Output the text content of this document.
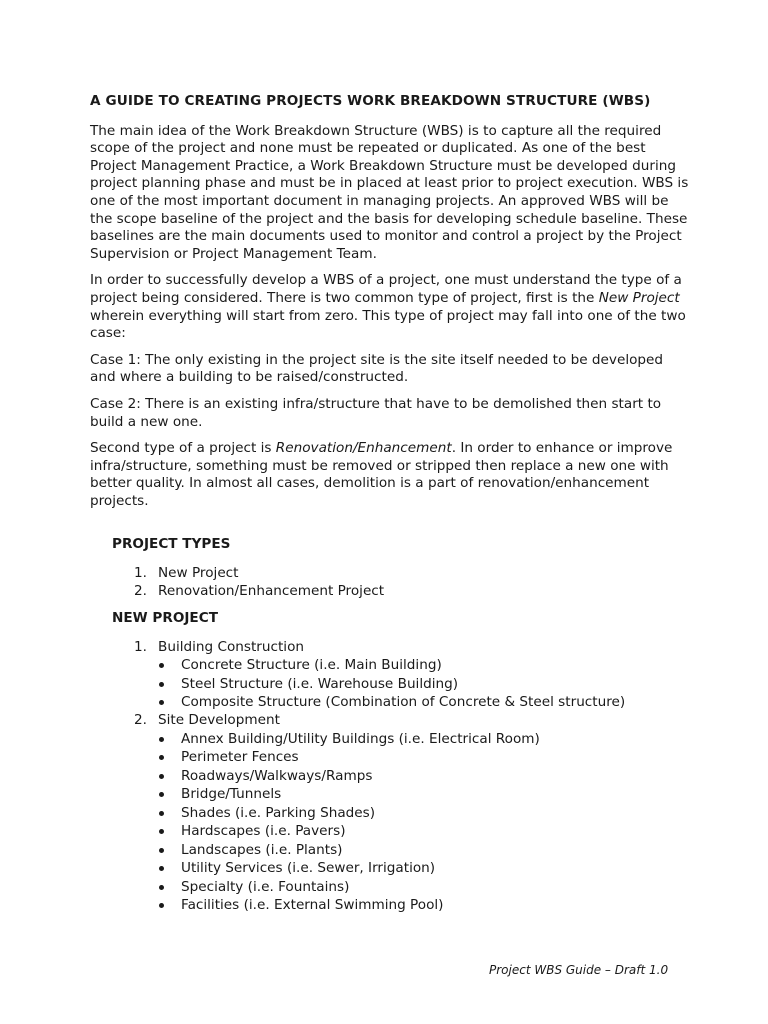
A GUIDE TO CREATING PROJECTS WORK BREAKDOWN STRUCTURE (WBS)

The main idea of the Work Breakdown Structure (WBS) is to capture all the required scope of the project and none must be repeated or duplicated. As one of the best Project Management Practice, a Work Breakdown Structure must be developed during project planning phase and must be in placed at least prior to project execution. WBS is one of the most important document in managing projects. An approved WBS will be the scope baseline of the project and the basis for developing schedule baseline. These baselines are the main documents used to monitor and control a project by the Project Supervision or Project Management Team.

In order to successfully develop a WBS of a project, one must understand the type of a project being considered. There is two common type of project, first is the New Project wherein everything will start from zero. This type of project may fall into one of the two case:

Case 1: The only existing in the project site is the site itself needed to be developed and where a building to be raised/constructed.

Case 2: There is an existing infra/structure that have to be demolished then start to build a new one.

Second type of a project is Renovation/Enhancement. In order to enhance or improve infra/structure, something must be removed or stripped then replace a new one with better quality. In almost all cases, demolition is a part of renovation/enhancement projects.

PROJECT TYPES
1. New Project
2. Renovation/Enhancement Project
NEW PROJECT
1. Building Construction
Concrete Structure (i.e. Main Building)
Steel Structure (i.e. Warehouse Building)
Composite Structure (Combination of Concrete & Steel structure)
2. Site Development
Annex Building/Utility Buildings (i.e. Electrical Room)
Perimeter Fences
Roadways/Walkways/Ramps
Bridge/Tunnels
Shades (i.e. Parking Shades)
Hardscapes (i.e. Pavers)
Landscapes (i.e. Plants)
Utility Services (i.e. Sewer, Irrigation)
Specialty (i.e. Fountains)
Facilities (i.e. External Swimming Pool)
Project WBS Guide – Draft 1.0
